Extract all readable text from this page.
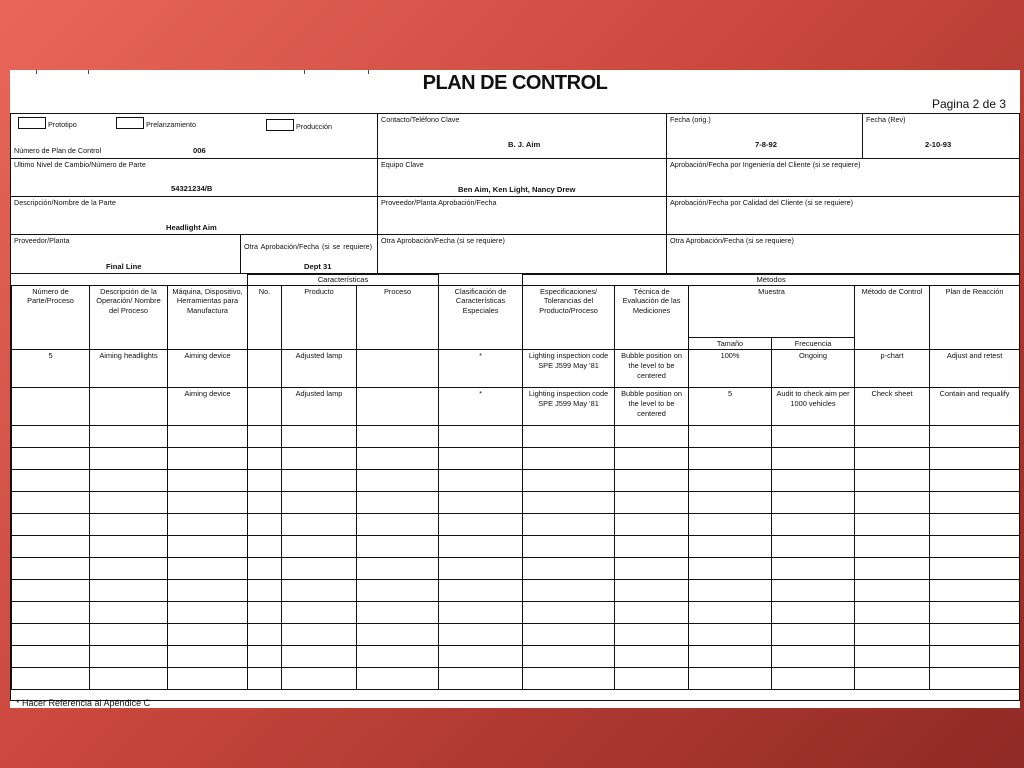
PLAN DE CONTROL
Pagina 2 de 3
Prototipo	Prelanzamiento	Producción
Número de Plan de Control	006
Contacto/Teléfono Clave
B. J. Aim
Fecha (orig.)
7-8-92
Fecha (Rev)
2-10-93
Ultimo Nivel de Cambio/Número de Parte
54321234/B
Equipo Clave
Ben Aim, Ken Light, Nancy Drew
Aprobación/Fecha por Ingeniería del Cliente (si se requiere)
Descripción/Nombre de la Parte
Headlight Aim
Proveedor/Planta Aprobación/Fecha	Aprobación/Fecha por Calidad del Cliente (si se requiere)
Proveedor/Planta
Final Line
Otra Aprobación/Fecha (si se requiere)
Dept 31
Otra Aprobación/Fecha (si se requiere)	Otra Aprobación/Fecha (si se requiere)
			Características				Métodos					
Número de Parte/Proceso	Descripción de la Operación/ Nombre del Proceso	Máquina, Dispositivo, Herramientas para Manufactura	No.	Producto	Proceso	Clasificación de Características Especiales	Especificaciones/ Tolerancias del Producto/Proceso	Técnica de Evaluación de las Mediciones	Muestra		Método de Control	Plan de Reacción
									Tamaño	Frecuencia		
5	Aiming headlights	Aiming device		Adjusted lamp		*	Lighting inspection code SPE J599 May '81	Bubble position on the level to be centered	100%	Ongoing	p-chart	Adjust and retest
		Aiming device		Adjusted lamp		*	Lighting inspection code SPE J599 May '81	Bubble position on the level to be centered	5	Audit to check aim per 1000 vehicles	Check sheet	Contain and requalify

* Hacer Referencia al Apéndice C
